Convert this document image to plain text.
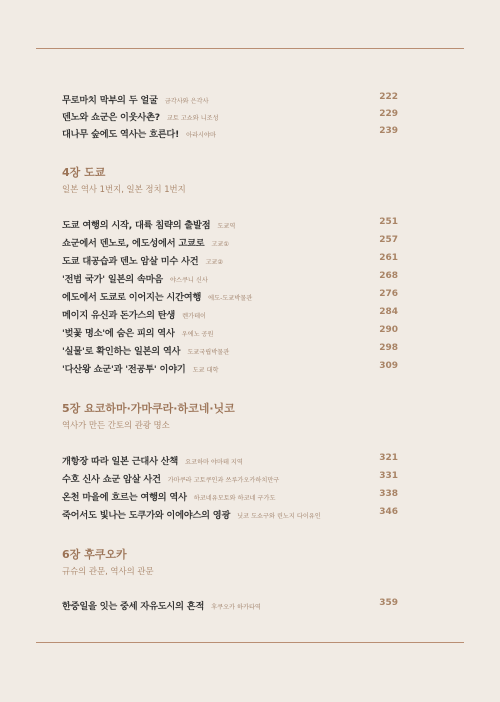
무로마치 막부의 두 얼굴 금각사와 은각사	222
덴노와 쇼군은 이웃사촌? 교토 고쇼와 니조성	229
대나무 숲에도 역사는 흐른다! 아라시야마	239
4장 도쿄
일본 역사 1번지, 일본 정치 1번지
도쿄 여행의 시작, 대륙 침략의 출발점 도쿄역	251
쇼군에서 덴노로, 에도성에서 고쿄로 고쿄①	257
도쿄 대공습과 덴노 암살 미수 사건 고쿄②	261
'전범 국가' 일본의 속마음 야스쿠니 신사	268
에도에서 도쿄로 이어지는 시간여행 에도-도쿄박물관	276
메이지 유신과 돈가스의 탄생 렌가테이	284
'벚꽃 명소'에 숨은 피의 역사 우에노 공원	290
'실물'로 확인하는 일본의 역사 도쿄국립박물관	298
'다산왕 쇼군'과 '전공투' 이야기 도쿄 대학	309
5장 요코하마·가마쿠라·하코네·닛코
역사가 만든 간토의 관광 명소
개항장 따라 일본 근대사 산책 요코하마 야마테 지역	321
수호 신사 쇼군 암살 사건 가마쿠라 고토쿠인과 쓰루가오카하치만구	331
온천 마을에 흐르는 여행의 역사 하코네유모토와 하코네 구가도	338
죽어서도 빛나는 도쿠가와 이에야스의 영광 닛코 도쇼구와 린노지 다이유인	346
6장 후쿠오카
규슈의 관문, 역사의 관문
한중일을 잇는 중세 자유도시의 흔적 후쿠오카 하카타역	359
